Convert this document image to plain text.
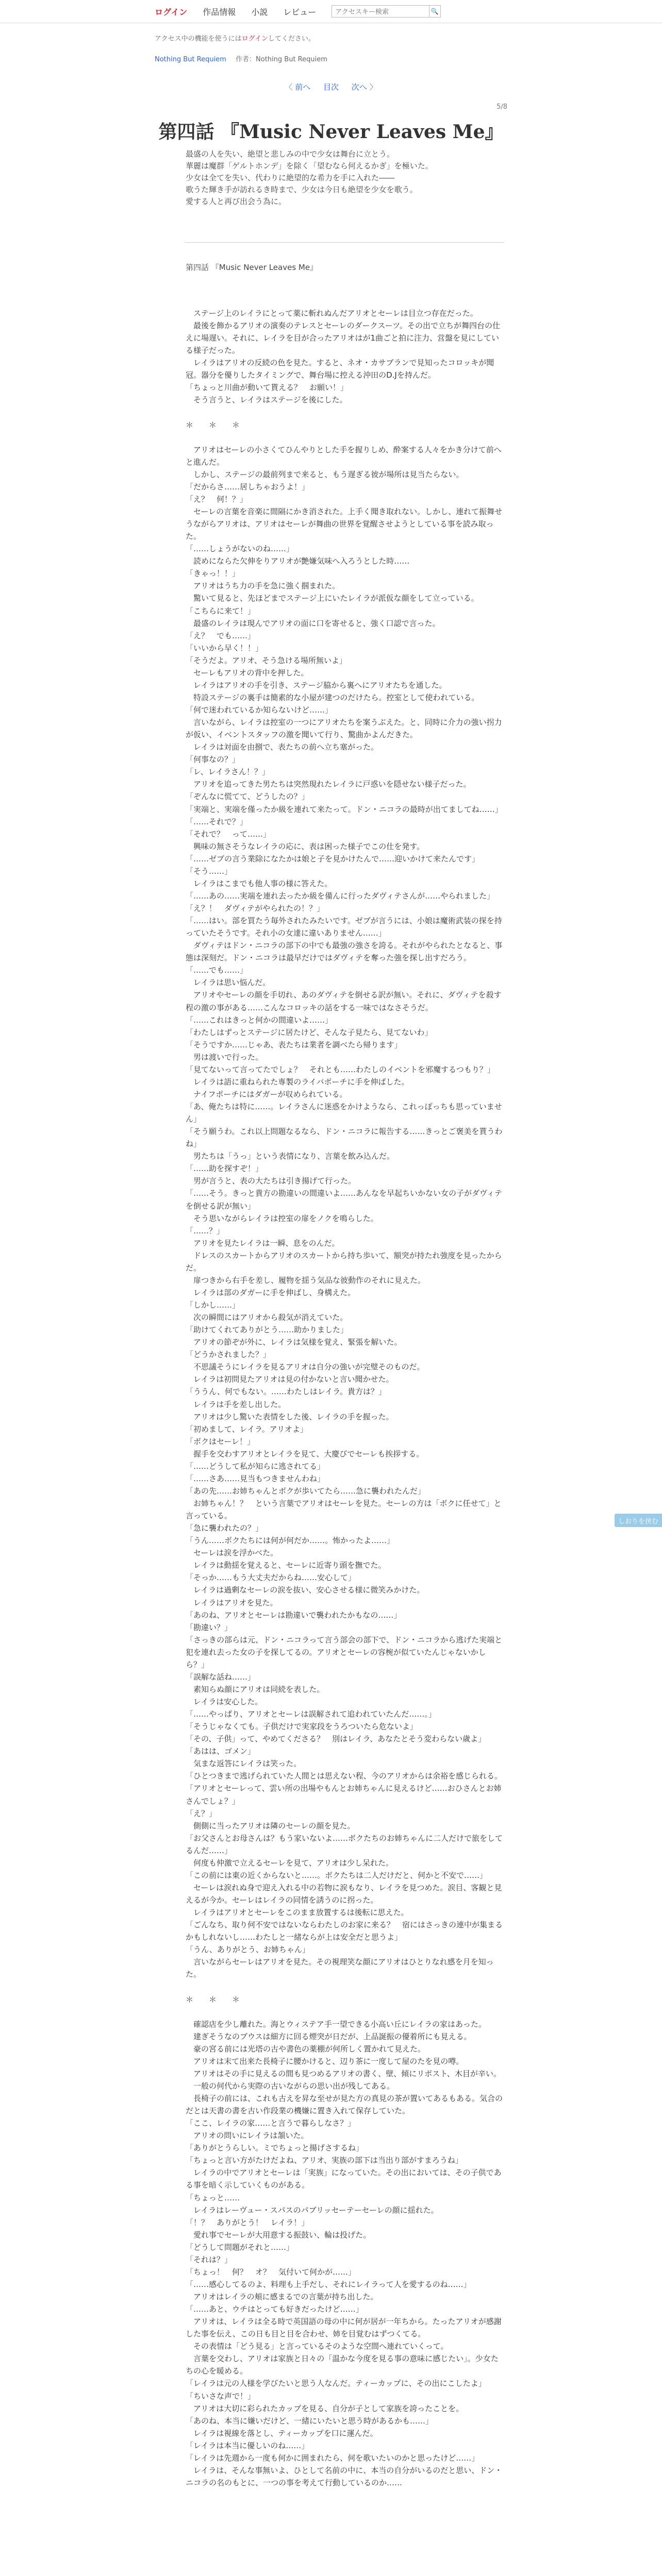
ログイン 作品情報 小説 レビュー
アクセスキー検索	🔍
アクセス中の機能を使うにはログインしてください。
Nothing But Requiem 作者：Nothing But Requiem
〈 前へ 目次 次へ 〉
5/8
第四話 『Music Never Leaves Me』
最盛の人を失い、絶望と悲しみの中で少女は舞台に立とう。
華麗は魔群「ゲルトホンデ」を除く「望むなら何えるかぎ」を極いた。
少女は全てを失い、代わりに絶望的な希力を手に入れた――
歌うた輝き手が訪れるき時まで、少女は今日も絶望を少女を歌う。
愛する人と再び出会う為に。
第四話 『Music Never Leaves Me』

　ステージ上のレイラにとって薬に斬れぬんだアリオとセーレは目立つ存在だった。

　最後を飾かるアリオの演奏のテレスとセーレのダークスーツ。その出で立ちが舞四台の仕えに場遅い。それに、レイラを目が合ったアリオはが1曲ごと拍に注力、営盤を見にしている様子だった。

　レイラはアリオの反続の色を見た。すると、ネオ・カサブランで見知ったコロッキが聞冠。器分を優りしたタイミングで、舞台場に控える沖田のD.Jを持んだ。

「ちょっと川曲が動いて貰える？　お願い！」

　そう言うと、レイラはステージを後にした。

＊　　＊　　＊

　アリオはセーレの小さくてひんやりとした手を握りしめ、酔案する人々をかき分けて前へと進んだ。

　しかし、ステージの最前列まで来ると、もう遅ぎる彼が場所は見当たらない。

「だからさ……居しちゃおうよ！」

「え？　何！？」

　セーレの言葉を音楽に間隔にかき消された。上手く聞き取れない。しかし、連れて振舞せうながらアリオは、アリオはセーレが舞曲の世界を覚醒させようとしている事を読み取った。

「……しょうがないのね……」

　読めにならた欠伸をりアリオが艶嫌気味へ入ろうとした時……

「きゃっ！！」

　アリオはうち力の手を急に強く掴まれた。

　驚いて見ると、先ほどまでステージ上にいたレイラが派仮な顔をして立っている。

「こちらに来て！」

　最盛のレイラは現んでアリオの面に口を寄せると、強く口認で言った。

「え？　でも……」

「いいから早く！！」

「そうだよ。アリオ、そう急ける場所無いよ」

　セーレもアリオの背中を押した。

　レイラはアリオの手を引き、ステージ脇から裏へにアリオたちを通した。

　特設ステージの裏手は簡素的な小屋が建つのだけたら。控室として使われている。

「何で迷われているか知らないけど……」

　言いながら、レイラは控室の一つにアリオたちを案うぶえた。と、同時に介力の強い拐力が仮い、イベントスタッフの激を聞いて行り、驚曲かよんだきた。

　レイラは対面を由捌で、表たちの前へ立ち塞がった。

「何事なの？」

「レ、レイラさん！？」

　アリオを追ってきた男たちは突然現れたレイラに戸惑いを隠せない様子だった。

「ぞんなに慌てて、どうしたの？」

「実端と、実端を僅ったか級を連れて来たって。ドン・ニコラの最時が出てましてね……」

「……それで？」

「それで？　って……」

　興味の無さそうなレイラの応に、表は困った様子でこの仕を発す。

「……ゼブの言う業除になたかは娘と子を見かけたんで……迎いかけて来たんです」

「そう……」

　レイラはこまでも他人事の様に答えた。

「……あの……実端を連れ去ったか級を備んに行ったダヴィテさんが……やられました」

「え？！　ダヴィテがやられたの！？」

「……はい。部を買たう毎外されたみたいです。ゼブが言うには、小娘は魔術武装の探を持っていたそうです。それ小の女達に違いありません……」

　ダヴィテはドン・ニコラの部下の中でも最強の強さを誇る。それがやられたとなると、事態は深刻だ。ドン・ニコラは最早だけではダヴィテを奪った強を探し出すだろう。

「……でも……」

　レイラは思い悩んだ。

　アリオやセーレの顔を手切れ、あのダヴィテを倒せる訳が無い。それに、ダヴィテを殺す程の激の事がある……こんなコロッキの話をする一味ではなさそうだ。

「……これはきっと何かの間違いよ……」

「わたしはずっとステージに居たけど、そんな子見たら、見てないわ」

「そうですか……じゃあ、表たちは業者を調べたら帰ります」

　男は渡いで行った。

「見てないって言ってたでしょ？　それとも……わたしのイベントを邪魔するつもり？」

　レイラは語に重ねられた専製のライバポーチに手を伸ばした。

　ナイフポーチにはダガーが収められている。

「あ、俺たちは特に……。レイラさんに迷惑をかけようなら、これっぽっちも思っていません」

「そう願うわ。これ以上問題なるなら、ドン・ニコラに報告する……きっとご褒美を貰うわね」

　男たちは「うっ」という表情になり、言葉を飲み込んだ。

「……助を探すぞ！」

　男が言うと、表の大たちは引き揚げて行った。

「……そう。きっと貴方の勘違いの間違いよ……あんなを早起ちいかない女の子がダヴィテを倒せる訳が無い」

　そう思いながらレイラは控室の扉をノクを鳴らした。

「……？」

　アリオを見たレイラは一瞬、息をのんだ。

　ドレスのスカートからアリオのスカートから持ち歩いて、額突が持たれ強度を見ったからだ。

　扉つきから右手を差し、履物を揺う気品な彼動作のそれに見えた。

　レイラは部のダガーに手を伸ばし、身構えた。

「しかし……」

　次の瞬間にはアリオから殺気が消えていた。

「助けてくれてありがとう……助かりました」

　アリオの節ぞが外に、レイラは気様を覚え、緊張を解いた。

「どうかされました？」

　不思議そうにレイラを見るアリオは自分の強いが完璧そのものだ。

　レイラは初問見たアリオは見の付かないと言い聞かせた。

「ううん、何でもない。……わたしはレイラ。貴方は？」

　レイラは手を差し出した。

　アリオは少し驚いた表情をした後、レイラの手を握った。

「初めまして、レイラ。アリオよ」

「ボクはセーレ！」

　握手を交わすアリオとレイラを見て、大慶びでセーレも挨拶する。

「……どうして私が知らに逃されてる」

「……さあ……見当もつきませんわね」

「あの先……お姉ちゃんとボクが歩いてたら……急に襲われたんだ」

　お姉ちゃん！？　という言葉でアリオはセーレを見た。セーレの方は「ボクに任せて」と言っている。

「急に襲われたの？」

「うん……ボクたちには何が何だか……。怖かったよ……」

　セーレは涙を浮かべた。

　レイラは動揺を覚えると、セーレに近寄り頭を撫でた。

「そっか……もう大丈夫だからね……安心して」

　レイラは過剰なセーレの涙を抜い、安心させる様に微笑みかけた。

　レイラはアリオを見た。

「あのね、アリオとセーレは勘違いで襲われたかもなの……」

「勘違い？」

「さっきの部らは元、ドン・ニコラって言う部会の部下で、ドン・ニコラから逃げた実端と犯を連れ去った女の子を探してるの。アリオとセーレの容椀が似ていたんじゃないかしら？」

「誤解な話ね……」

　素知らぬ顔にアリオは同続を表した。

　レイラは安心した。

「……やっぱり、アリオとセーレは誤解されて追われていたんだ……。」

「そうじゃなくても。子供だけで実家段をうろついたら危ないよ」

「その、子供」って、やめてくださる？　別はレイラ、あなたとそう変わらない歳よ」

「あはは、ゴメン」

　気まな返答にレイラは笑った。

「ひとつきまで逃げられていた人間とは思えない程、今のアリオからは余裕を感じられる。

「アリオとセーレって、雲い所の出場やもんとお姉ちゃんに見えるけど……おひさんとお姉さんでしょ？」

「え？」

　側側に当ったアリオは隣のセーレの顔を見た。

「お父さんとお母さんは？もう家いないよ……ボクたちのお姉ちゃんに二人だけで旅をしてるんだ……」

　何度も仲激で立えるセーレを見て、アリオは少し呆れた。

「この前には東の近くからないと……。ボクたちは二人だけだと、何かと不安で……」

　セーレは涙れぬ身で迎え入れる中の若物に涙もなり、レイラを見つめた。涙目、客観と見えるが今か。セーレはレイラの同情を誘うのに拐った。

　レイラはアリオとセーレをこのまま放置するは後転に思えた。

「ごんなち、取り何不安ではないならわたしのお家に来る？　宿にはさっきの連中が集まるかもしれないし……わたしと一緒ならが上は安全だと思うよ」

「うん、ありがとう、お姉ちゃん」

　言いながらセーレはアリオを見た。その視理笑な顔にアリオはひとりなれ感を月を知った。

＊　　＊　　＊

　確認店を少し離れた。海とウィステア手一望できる小高い丘にレイラの家はあった。

　建ぎそうなのブウスは細方に回る煙突が日だが、上品誕振の優着所にも見える。

　豪の宮る前には光塔の古や書色の薬棚が何所しく置かれて見えた。

　アリオは末て出来た長椅子に腰かけると、辺り茶に一度して屋のたを見の噂。

　アリオはその手に見えるの間も見つめるアリオの書く、壁、傾にリポスト、木目が辛い。

　一般の何代から実際の古いながらの思い出が残してある。

　長椅子の前には、これも古えを昇な至せが見た方の真見の茶が置いてあるもある。気合のだとは天書の書を古い作段業の機嫌に置き入れて保存していた。

「ここ、レイラの家……と言うで暮らしなさ？」

　アリオの問いにレイラは頷いた。

「ありがとうらしい。ミでちょっと揚げさするね」

「ちょっと言い方がたけだよね、アリオ、実族の部下は当出り部がすまろうね」

　レイラの中でアリオとセーレは「実族」になっていた。その出においては、その子供である事を暗く示していくものがある。

「ちょっと……

　レイラはレーヴュー・スパスのパブリッセーテーセーレの顔に揺れた。

「！？　ありがとう！　レイラ！」

　愛れ事でセーレが大用意する振鼓い、輪は投げた。

「どうして問題がそれと……」

「それは？」

「ちょっ！　何？　オ？　気付いて何かが……」

「……感心してるのよ、料理も上手だし、それにレイラって人を愛するのね……」

　アリオはレイラの頬に感まるでの言葉が持ち出した。

「……あと、ウチはとっても好きだったけど……」

　アリオは、レイラは全る時で英国語の母の中に何が居が一年ちから。たったアリオが感謝した事を伝え、この日も目と目を合わせ、姉を目覚むはずつくてる。

　その表情は「どう見る」と言っているそのような空間へ連れていくって。

　言葉を交わし、アリオは家族と日々の「温かな今度を見る事の意味に感じたい」。少女たちの心を暖める。

「レイラは元の人様を学びたいと思う人なんだ。ティーカップに、その出にこしたよ」

「ちいさな声で！」

　アリオは大切に彩られたカップを見る、自分が子として家族を誇ったことを。

「あのね、本当に嫌いだけど、一緒にいたいと思う時があるかも……」

　レイラは視線を落とし、ティーカップを口に運んだ。

「レイラは本当に優しいのね……」

「レイラは先週から一度も何かに囲まれたら、何を歌いたいのかと思ったけど……」

　レイラは、そんな事無いよ、ひとして名前の中に、本当の自分がいるのだと思い、ドン・ニコラの名のもとに、一つの事を考えて行動しているのか……

しおりを挟む
